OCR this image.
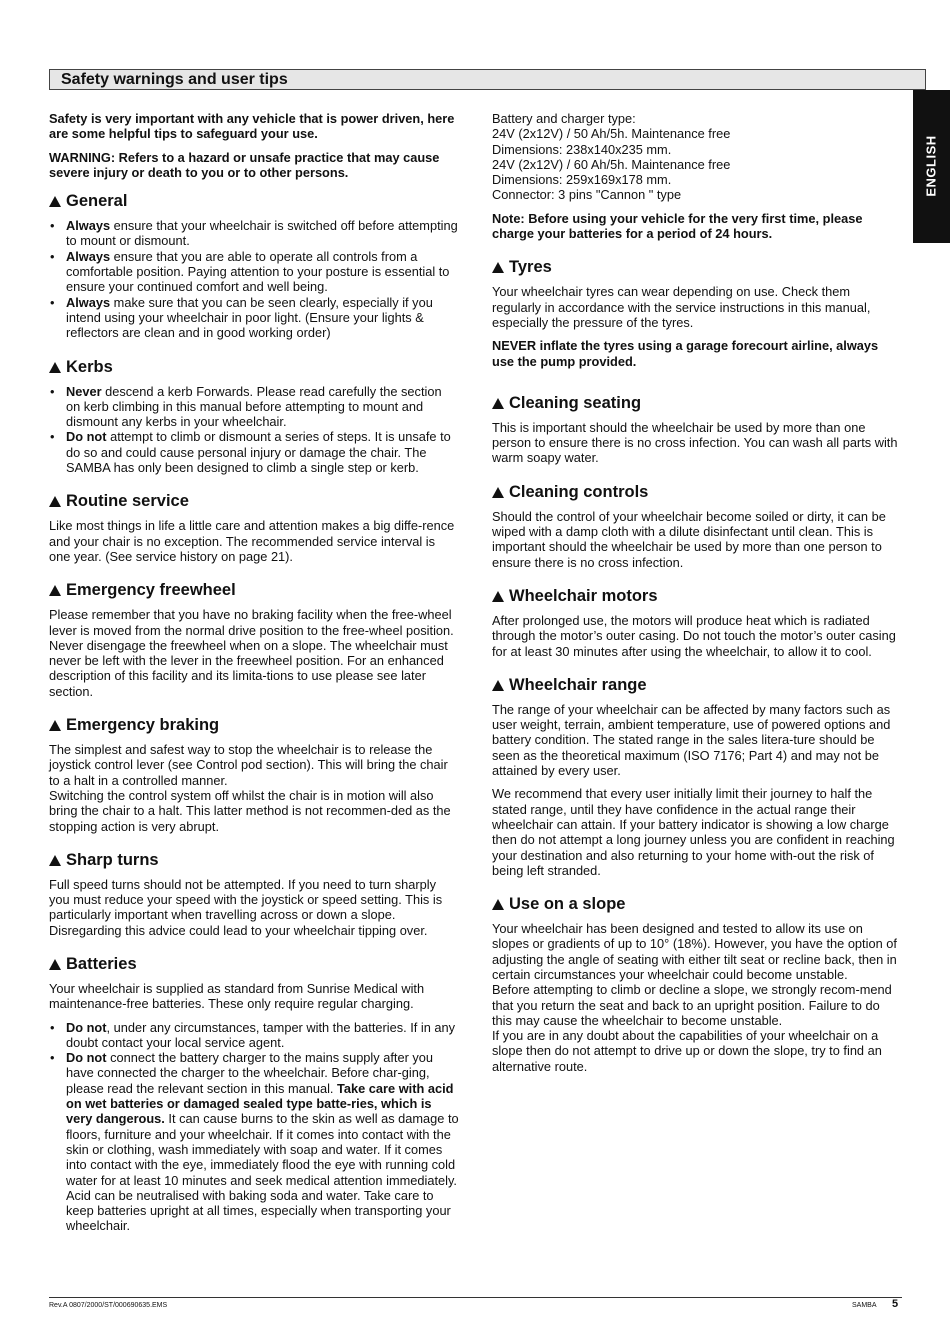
Safety warnings and user tips
ENGLISH

Safety is very important with any vehicle that is power driven, here are some helpful tips to safeguard your use.

WARNING: Refers to a hazard or unsafe practice that may cause severe injury or death to you or to other persons.

General
• Always ensure that your wheelchair is switched off before attempting to mount or dismount.
• Always ensure that you are able to operate all controls from a comfortable position. Paying attention to your posture is essential to ensure your continued comfort and well being.
• Always make sure that you can be seen clearly, especially if you intend using your wheelchair in poor light. (Ensure your lights & reflectors are clean and in good working order)
Kerbs
• Never descend a kerb Forwards. Please read carefully the section on kerb climbing in this manual before attempting to mount and dismount any kerbs in your wheelchair.
• Do not attempt to climb or dismount a series of steps. It is unsafe to do so and could cause personal injury or damage the chair. The SAMBA has only been designed to climb a single step or kerb.
Routine service

Like most things in life a little care and attention makes a big diffe-rence and your chair is no exception. The recommended service interval is one year. (See service history on page 21).

Emergency freewheel

Please remember that you have no braking facility when the free-wheel lever is moved from the normal drive position to the free-wheel position. Never disengage the freewheel when on a slope. The wheelchair must never be left with the lever in the freewheel position. For an enhanced description of this facility and its limita-tions to use please see later section.

Emergency braking

The simplest and safest way to stop the wheelchair is to release the joystick control lever (see Control pod section). This will bring the chair to a halt in a controlled manner.

Switching the control system off whilst the chair is in motion will also bring the chair to a halt. This latter method is not recommen-ded as the stopping action is very abrupt.

Sharp turns

Full speed turns should not be attempted. If you need to turn sharply you must reduce your speed with the joystick or speed setting. This is particularly important when travelling across or down a slope. Disregarding this advice could lead to your wheelchair tipping over.

Batteries

Your wheelchair is supplied as standard from Sunrise Medical with maintenance-free batteries. These only require regular charging.

• Do not, under any circumstances, tamper with the batteries. If in any doubt contact your local service agent.
• Do not connect the battery charger to the mains supply after you have connected the charger to the wheelchair. Before char-ging, please read the relevant section in this manual. Take care with acid on wet batteries or damaged sealed type batte-ries, which is very dangerous. It can cause burns to the skin as well as damage to floors, furniture and your wheelchair. If it comes into contact with the skin or clothing, wash immediately with soap and water. If it comes into contact with the eye, immediately flood the eye with running cold water for at least 10 minutes and seek medical attention immediately. Acid can be neutralised with baking soda and water. Take care to keep batteries upright at all times, especially when transporting your wheelchair.
Battery and charger type:
24V (2x12V) / 50 Ah/5h. Maintenance free
Dimensions: 238x140x235 mm.
24V (2x12V) / 60 Ah/5h. Maintenance free
Dimensions: 259x169x178 mm.
Connector: 3 pins "Cannon " type

Note: Before using your vehicle for the very first time, please charge your batteries for a period of 24 hours.

Tyres

Your wheelchair tyres can wear depending on use. Check them regularly in accordance with the service instructions in this manual, especially the pressure of the tyres.

NEVER inflate the tyres using a garage forecourt airline, always use the pump provided.

Cleaning seating

This is important should the wheelchair be used by more than one person to ensure there is no cross infection. You can wash all parts with warm soapy water.

Cleaning controls

Should the control of your wheelchair become soiled or dirty, it can be wiped with a damp cloth with a dilute disinfectant until clean. This is important should the wheelchair be used by more than one person to ensure there is no cross infection.

Wheelchair motors

After prolonged use, the motors will produce heat which is radiated through the motor’s outer casing. Do not touch the motor’s outer casing for at least 30 minutes after using the wheelchair, to allow it to cool.

Wheelchair range

The range of your wheelchair can be affected by many factors such as user weight, terrain, ambient temperature, use of powered options and battery condition. The stated range in the sales litera-ture should be seen as the theoretical maximum (ISO 7176; Part 4) and may not be attained by every user.

We recommend that every user initially limit their journey to half the stated range, until they have confidence in the actual range their wheelchair can attain. If your battery indicator is showing a low charge then do not attempt a long journey unless you are confident in reaching your destination and also returning to your home with-out the risk of being left stranded.

Use on a slope

Your wheelchair has been designed and tested to allow its use on slopes or gradients of up to 10° (18%). However, you have the option of adjusting the angle of seating with either tilt seat or recline back, then in certain circumstances your wheelchair could become unstable.

Before attempting to climb or decline a slope, we strongly recom-mend that you return the seat and back to an upright position. Failure to do this may cause the wheelchair to become unstable.

If you are in any doubt about the capabilities of your wheelchair on a slope then do not attempt to drive up or down the slope, try to find an alternative route.

Rev.A 0807/2000/ST/000690635.EMS	SAMBA 5
